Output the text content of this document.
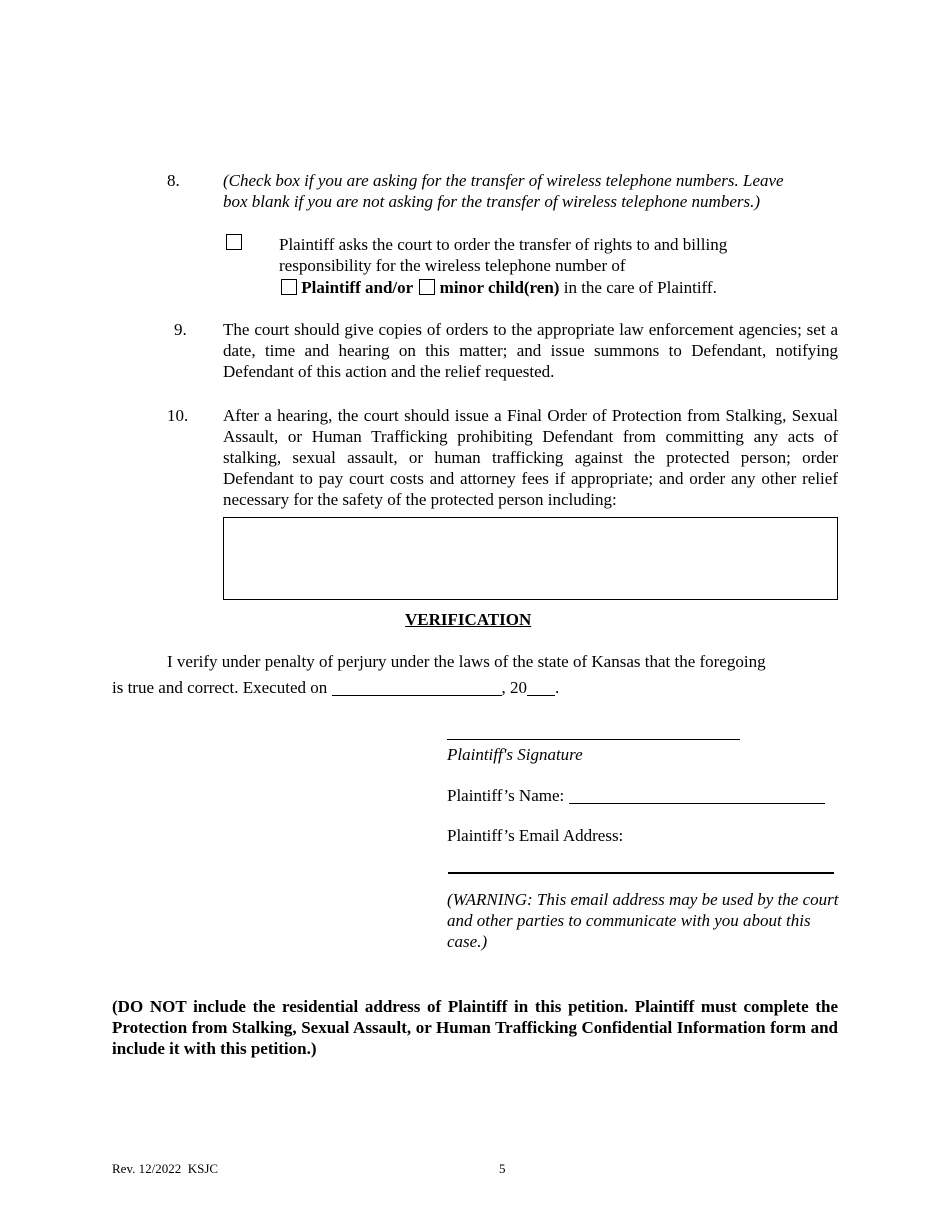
8.	(Check box if you are asking for the transfer of wireless telephone numbers. Leave box blank if you are not asking for the transfer of wireless telephone numbers.)
Plaintiff asks the court to order the transfer of rights to and billing
responsibility for the wireless telephone number of
Plaintiff and/or minor child(ren) in the care of Plaintiff.
9.	The court should give copies of orders to the appropriate law enforcement agencies; set a date, time and hearing on this matter; and issue summons to Defendant, notifying Defendant of this action and the relief requested.
10.	After a hearing, the court should issue a Final Order of Protection from Stalking, Sexual Assault, or Human Trafficking prohibiting Defendant from committing any acts of stalking, sexual assault, or human trafficking against the protected person; order Defendant to pay court costs and attorney fees if appropriate; and order any other relief necessary for the safety of the protected person including:
VERIFICATION
I verify under penalty of perjury under the laws of the state of Kansas that the foregoing
is true and correct. Executed on	, 20 .
Plaintiff's Signature
Plaintiff’s Name:
Plaintiff’s Email Address:
(WARNING: This email address may be used by the court and other parties to communicate with you about this case.)
(DO NOT include the residential address of Plaintiff in this petition. Plaintiff must complete the Protection from Stalking, Sexual Assault, or Human Trafficking Confidential Information form and include it with this petition.)
Rev. 12/2022  KSJC	5
